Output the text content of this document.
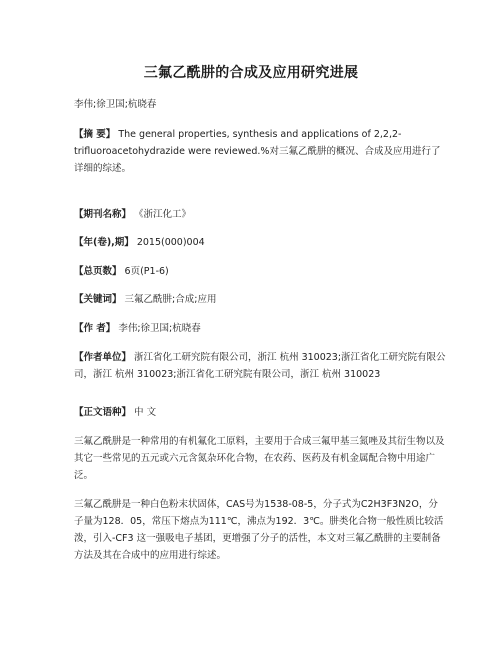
三氟乙酰肼的合成及应用研究进展
李伟;徐卫国;杭晓春
【摘 要】 The general properties, synthesis and applications of 2,2,2-trifluoroacetohydrazide were reviewed.%对三氟乙酰肼的概况、合成及应用进行了详细的综述。
【期刊名称】 《浙江化工》
【年(卷),期】 2015(000)004
【总页数】 6页(P1-6)
【关键词】 三氟乙酰肼;合成;应用
【作 者】 李伟;徐卫国;杭晓春
【作者单位】 浙江省化工研究院有限公司，浙江 杭州 310023;浙江省化工研究院有限公司，浙江 杭州 310023;浙江省化工研究院有限公司，浙江 杭州 310023
【正文语种】 中 文
三氟乙酰肼是一种常用的有机氟化工原料，主要用于合成三氟甲基三氮唑及其衍生物以及其它一些常见的五元或六元含氮杂环化合物，在农药、医药及有机金属配合物中用途广泛。
三氟乙酰肼是一种白色粉末状固体，CAS号为1538-08-5，分子式为C2H3F3N2O，分子量为128．05，常压下熔点为111℃，沸点为192．3℃。肼类化合物一般性质比较活泼，引入-CF3 这一强吸电子基团，更增强了分子的活性，本文对三氟乙酰肼的主要制备方法及其在合成中的应用进行综述。
